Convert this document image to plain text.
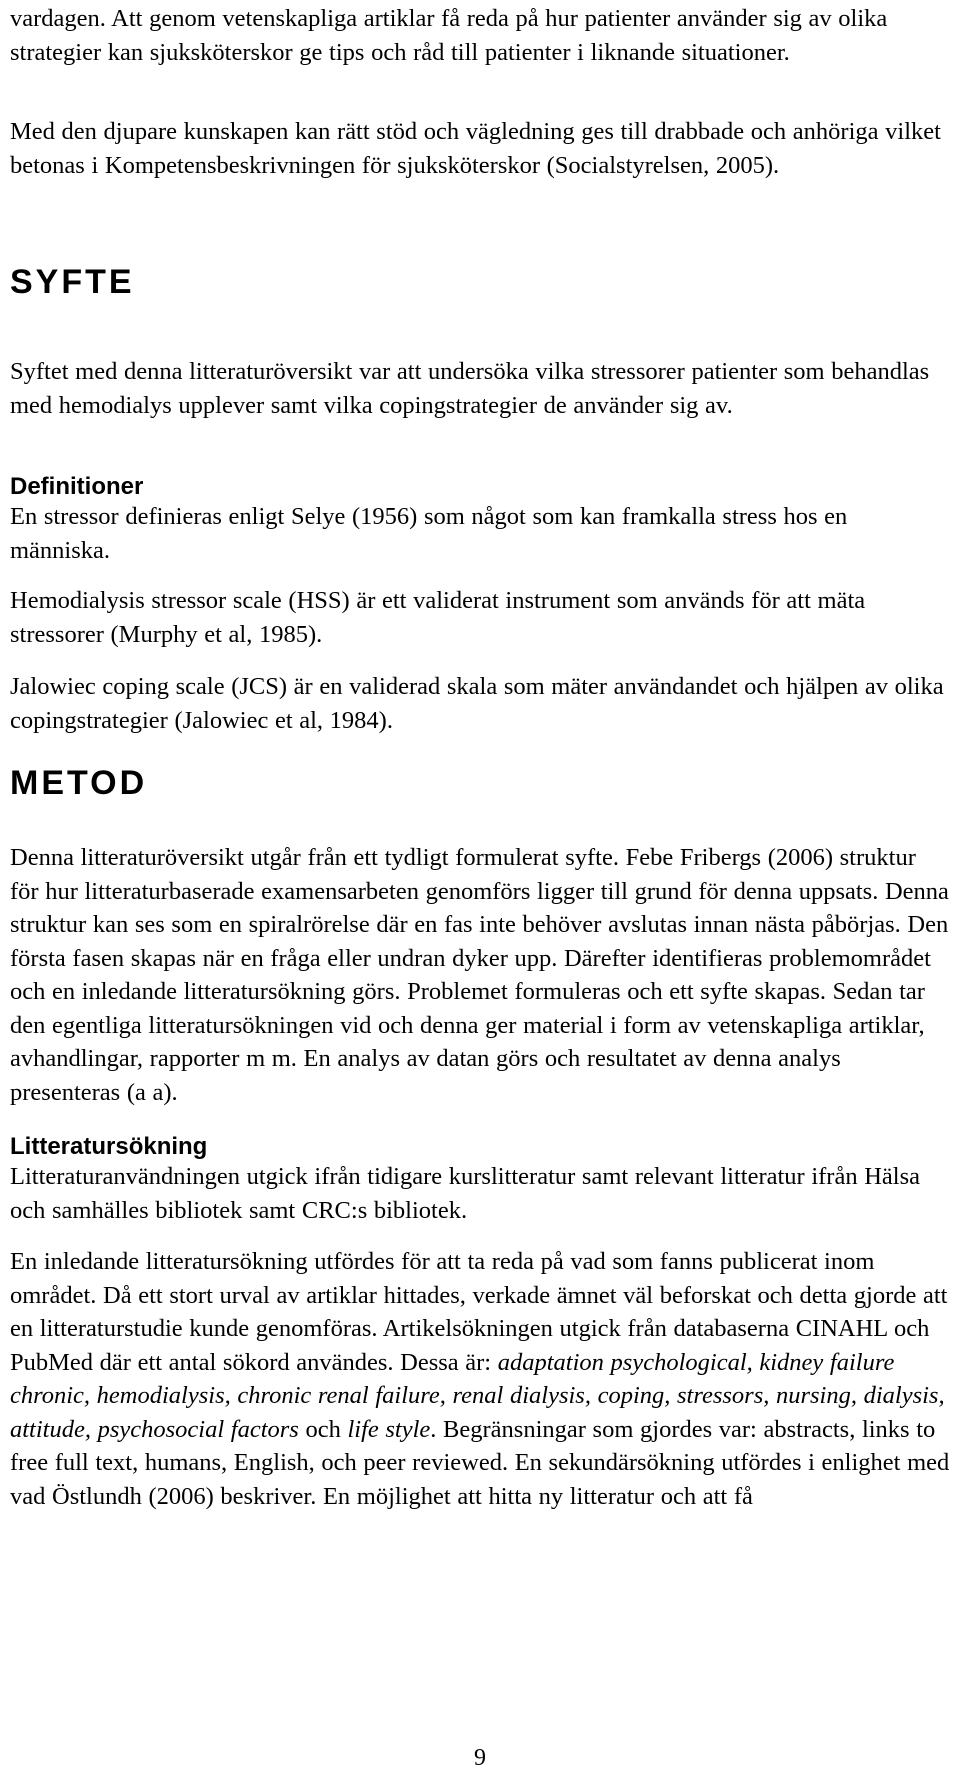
vardagen. Att genom vetenskapliga artiklar få reda på hur patienter använder sig av olika strategier kan sjuksköterskor ge tips och råd till patienter i liknande situationer.

Med den djupare kunskapen kan rätt stöd och vägledning ges till drabbade och anhöriga vilket betonas i Kompetensbeskrivningen för sjuksköterskor (Socialstyrelsen, 2005).

SYFTE

Syftet med denna litteraturöversikt var att undersöka vilka stressorer patienter som behandlas med hemodialys upplever samt vilka copingstrategier de använder sig av.

Definitioner

En stressor definieras enligt Selye (1956) som något som kan framkalla stress hos en människa.

Hemodialysis stressor scale (HSS) är ett validerat instrument som används för att mäta stressorer (Murphy et al, 1985).

Jalowiec coping scale (JCS) är en validerad skala som mäter användandet och hjälpen av olika copingstrategier (Jalowiec et al, 1984).

METOD

Denna litteraturöversikt utgår från ett tydligt formulerat syfte. Febe Fribergs (2006) struktur för hur litteraturbaserade examensarbeten genomförs ligger till grund för denna uppsats. Denna struktur kan ses som en spiralrörelse där en fas inte behöver avslutas innan nästa påbörjas. Den första fasen skapas när en fråga eller undran dyker upp. Därefter identifieras problemområdet och en inledande litteratursökning görs. Problemet formuleras och ett syfte skapas. Sedan tar den egentliga litteratursökningen vid och denna ger material i form av vetenskapliga artiklar, avhandlingar, rapporter m m. En analys av datan görs och resultatet av denna analys presenteras (a a).

Litteratursökning

Litteraturanvändningen utgick ifrån tidigare kurslitteratur samt relevant litteratur ifrån Hälsa och samhälles bibliotek samt CRC:s bibliotek.

En inledande litteratursökning utfördes för att ta reda på vad som fanns publicerat inom området. Då ett stort urval av artiklar hittades, verkade ämnet väl beforskat och detta gjorde att en litteraturstudie kunde genomföras. Artikelsökningen utgick från databaserna CINAHL och PubMed där ett antal sökord användes. Dessa är: adaptation psychological, kidney failure chronic, hemodialysis, chronic renal failure, renal dialysis, coping, stressors, nursing, dialysis, attitude, psychosocial factors och life style. Begränsningar som gjordes var: abstracts, links to free full text, humans, English, och peer reviewed. En sekundärsökning utfördes i enlighet med vad Östlundh (2006) beskriver. En möjlighet att hitta ny litteratur och att få

9
